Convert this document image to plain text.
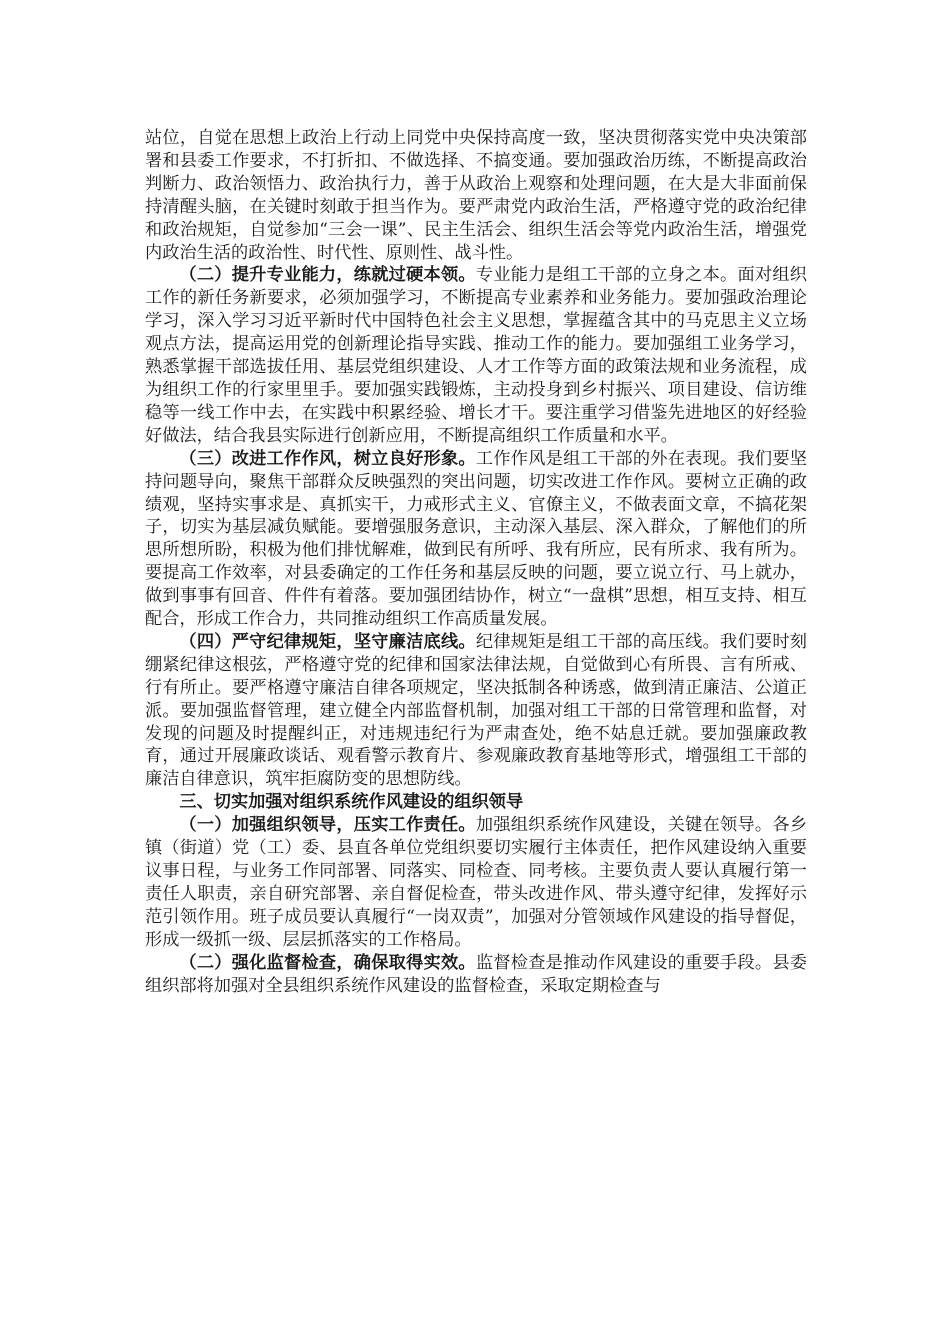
站位，自觉在思想上政治上行动上同党中央保持高度一致，坚决贯彻落实党中央决策部署和县委工作要求，不打折扣、不做选择、不搞变通。要加强政治历练，不断提高政治判断力、政治领悟力、政治执行力，善于从政治上观察和处理问题，在大是大非面前保持清醒头脑，在关键时刻敢于担当作为。要严肃党内政治生活，严格遵守党的政治纪律和政治规矩，自觉参加“三会一课”、民主生活会、组织生活会等党内政治生活，增强党内政治生活的政治性、时代性、原则性、战斗性。

（二）提升专业能力，练就过硬本领。专业能力是组工干部的立身之本。面对组织工作的新任务新要求，必须加强学习，不断提高专业素养和业务能力。要加强政治理论学习，深入学习习近平新时代中国特色社会主义思想，掌握蕴含其中的马克思主义立场观点方法，提高运用党的创新理论指导实践、推动工作的能力。要加强组工业务学习，熟悉掌握干部选拔任用、基层党组织建设、人才工作等方面的政策法规和业务流程，成为组织工作的行家里里手。要加强实践锻炼，主动投身到乡村振兴、项目建设、信访维稳等一线工作中去，在实践中积累经验、增长才干。要注重学习借鉴先进地区的好经验好做法，结合我县实际进行创新应用，不断提高组织工作质量和水平。

（三）改进工作作风，树立良好形象。工作作风是组工干部的外在表现。我们要坚持问题导向，聚焦干部群众反映强烈的突出问题，切实改进工作作风。要树立正确的政绩观，坚持实事求是、真抓实干，力戒形式主义、官僚主义，不做表面文章，不搞花架子，切实为基层减负赋能。要增强服务意识，主动深入基层、深入群众，了解他们的所思所想所盼，积极为他们排忧解难，做到民有所呼、我有所应，民有所求、我有所为。要提高工作效率，对县委确定的工作任务和基层反映的问题，要立说立行、马上就办，做到事事有回音、件件有着落。要加强团结协作，树立“一盘棋”思想，相互支持、相互配合，形成工作合力，共同推动组织工作高质量发展。

（四）严守纪律规矩，坚守廉洁底线。纪律规矩是组工干部的高压线。我们要时刻绷紧纪律这根弦，严格遵守党的纪律和国家法律法规，自觉做到心有所畏、言有所戒、行有所止。要严格遵守廉洁自律各项规定，坚决抵制各种诱惑，做到清正廉洁、公道正派。要加强监督管理，建立健全内部监督机制，加强对组工干部的日常管理和监督，对发现的问题及时提醒纠正，对违规违纪行为严肃查处，绝不姑息迁就。要加强廉政教育，通过开展廉政谈话、观看警示教育片、参观廉政教育基地等形式，增强组工干部的廉洁自律意识，筑牢拒腐防变的思想防线。

三、切实加强对组织系统作风建设的组织领导

（一）加强组织领导，压实工作责任。加强组织系统作风建设，关键在领导。各乡镇（街道）党（工）委、县直各单位党组织要切实履行主体责任，把作风建设纳入重要议事日程，与业务工作同部署、同落实、同检查、同考核。主要负责人要认真履行第一责任人职责，亲自研究部署、亲自督促检查，带头改进作风、带头遵守纪律，发挥好示范引领作用。班子成员要认真履行“一岗双责”，加强对分管领域作风建设的指导督促，形成一级抓一级、层层抓落实的工作格局。

（二）强化监督检查，确保取得实效。监督检查是推动作风建设的重要手段。县委组织部将加强对全县组织系统作风建设的监督检查，采取定期检查与
